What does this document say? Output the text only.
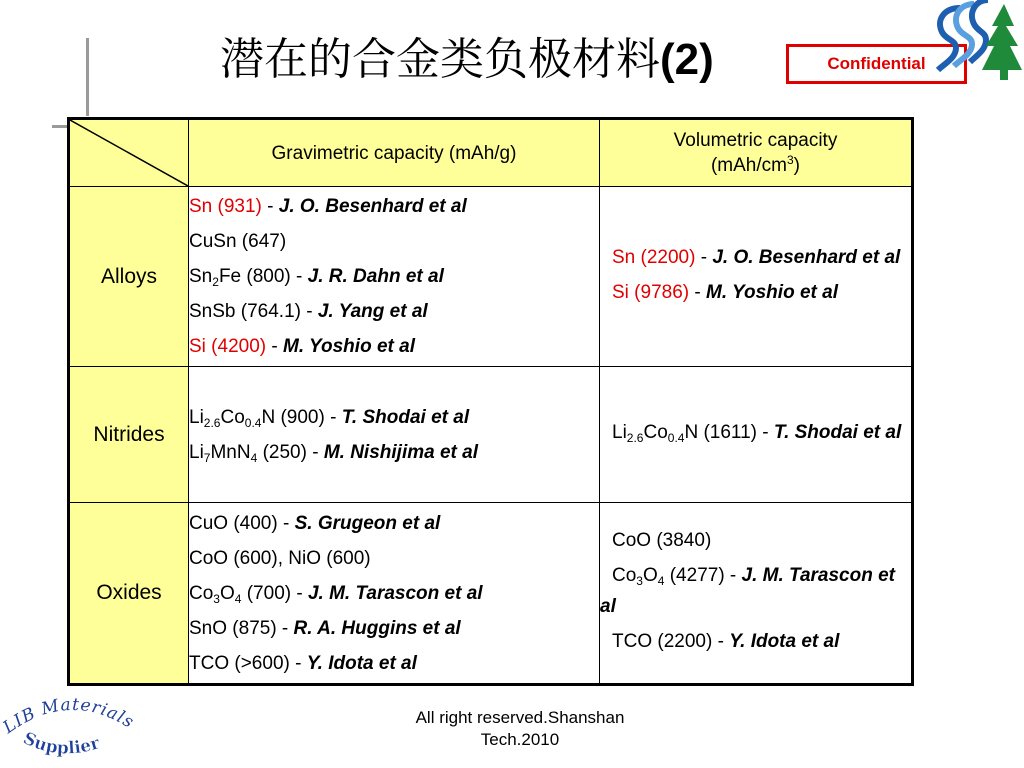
潜在的合金类负极材料(2)	Confidential
	Gravimetric capacity (mAh/g)	Volumetric capacity
$(mAh/cm^3)$
Alloys	Sn (931) - J. O. Besenhard et al
CuSn (647)
$Sn_2Fe$ (800) - J. R. Dahn et al
SnSb (764.1) - J. Yang et al
Si (4200) - M. Yoshio et al	Sn (2200) - J. O. Besenhard et al
Si (9786) - M. Yoshio et al

Nitrides	$Li_{2.6}Co_{0.4}N$ (900) - T. Shodai et al
$Li_7MnN_4$ (250) - M. Nishijima et al	$Li_{2.6}Co_{0.4}N$ (1611) - T. Shodai et al

Oxides	CuO (400) - S. Grugeon et al
CoO (600), NiO (600)
$Co_3O_4$ (700) - J. M. Tarascon et al
SnO (875) - R. A. Huggins et al
TCO (>600) - Y. Idota et al	CoO (3840)
$Co_3O_4$ (4277) - J. M. Tarascon et al
TCO (2200) - Y. Idota et al
All right reserved.Shanshan
Tech.2010
LIB Materials
Supplier
